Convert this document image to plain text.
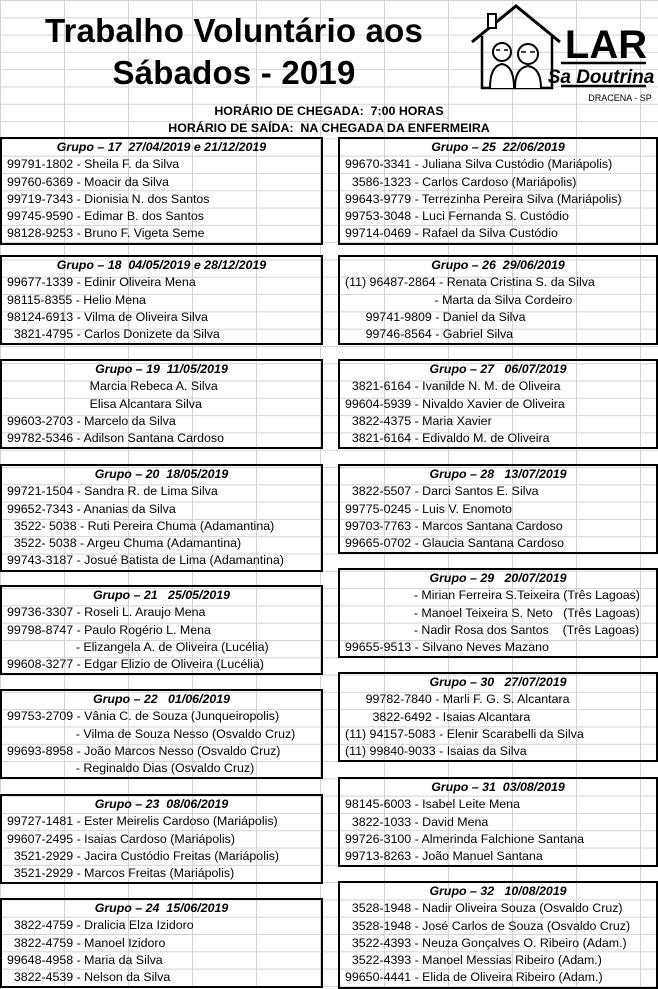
Trabalho Voluntário aos
Sábados - 2019
LAR
Sa Doutrina
DRACENA - SP
HORÁRIO DE CHEGADA:  7:00 HORAS
HORÁRIO DE SAÍDA:  NA CHEGADA DA ENFERMEIRA
Grupo – 17  27/04/2019 e 21/12/2019
99791-1802 - Sheila F. da Silva
99760-6369 - Moacir da Silva
99719-7343 - Dionisia N. dos Santos
99745-9590 - Edimar B. dos Santos
98128-9253 - Bruno F. Vigeta Seme
Grupo – 18  04/05/2019 e 28/12/2019
99677-1339 - Edinir Oliveira Mena
98115-8355 - Helio Mena
98124-6913 - Vilma de Oliveira Silva
3821-4795 - Carlos Donizete da Silva
Grupo – 19  11/05/2019
Marcia Rebeca A. Silva
Elisa Alcantara Silva
99603-2703 - Marcelo da Silva
99782-5346 - Adilson Santana Cardoso
Grupo – 20  18/05/2019
99721-1504 - Sandra R. de Lima Silva
99652-7343 - Ananias da Silva
3522- 5038 - Ruti Pereira Chuma (Adamantina)
3522- 5038 - Argeu Chuma (Adamantina)
99743-3187 - Josué Batista de Lima (Adamantina)
Grupo – 21   25/05/2019
99736-3307 - Roseli L. Araujo Mena
99798-8747 - Paulo Rogério L. Mena
- Elizangela A. de Oliveira (Lucélia)
99608-3277 - Edgar Elizio de Oliveira (Lucélia)
Grupo – 22   01/06/2019
99753-2709 - Vânia C. de Souza (Junqueiropolis)
- Vilma de Souza Nesso (Osvaldo Cruz)
99693-8958 - João Marcos Nesso (Osvaldo Cruz)
- Reginaldo Dias (Osvaldo Cruz)
Grupo – 23  08/06/2019
99727-1481 - Ester Meirelis Cardoso (Mariápolis)
99607-2495 - Isaias Cardoso (Mariápolis)
3521-2929 - Jacira Custódio Freitas (Mariápolis)
3521-2929 - Marcos Freitas (Mariápolis)
Grupo – 24  15/06/2019
3822-4759 - Dralicia Elza Izidoro
3822-4759 - Manoel Izidoro
99648-4958 - Maria da Silva
3822-4539 - Nelson da Silva
Grupo – 25  22/06/2019
99670-3341 - Juliana Silva Custódio (Mariápolis)
3586-1323 - Carlos Cardoso (Mariápolis)
99643-9779 - Terrezinha Pereira Silva (Mariápolis)
99753-3048 - Luci Fernanda S. Custódio
99714-0469 - Rafael da Silva Custódio
Grupo – 26  29/06/2019
(11) 96487-2864 - Renata Cristina S. da Silva
- Marta da Silva Cordeiro
99741-9809 - Daniel da Silva
99746-8564 - Gabriel Silva
Grupo – 27   06/07/2019
3821-6164 - Ivanilde N. M. de Oliveira
99604-5939 - Nivaldo Xavier de Oliveira
3822-4375 - Maria Xavier
3821-6164 - Edivaldo M. de Oliveira
Grupo – 28   13/07/2019
3822-5507 - Darci Santos E. Silva
99775-0245 - Luis V. Enomoto
99703-7763 - Marcos Santana Cardoso
99665-0702 - Glaucia Santana Cardoso
Grupo – 29   20/07/2019
- Mirian Ferreira S.Teixeira (Três Lagoas)
- Manoel Teixeira S. Neto   (Três Lagoas)
- Nadir Rosa dos Santos    (Três Lagoas)
99655-9513 - Silvano Neves Mazano
Grupo – 30   27/07/2019
99782-7840 - Marli F. G. S. Alcantara
3822-6492 - Isaias Alcantara
(11) 94157-5083 - Elenir Scarabelli da Silva
(11) 99840-9033 - Isaias da Silva
Grupo – 31  03/08/2019
98145-6003 - Isabel Leite Mena
3822-1033 - David Mena
99726-3100 - Almerinda Falchione Santana
99713-8263 - João Manuel Santana
Grupo – 32   10/08/2019
3528-1948 - Nadir Oliveira Souza (Osvaldo Cruz)
3528-1948 - José Carlos de Souza (Osvaldo Cruz)
3522-4393 - Neuza Gonçalves O. Ribeiro (Adam.)
3522-4393 - Manoel Messias Ribeiro (Adam.)
99650-4441 - Elida de Oliveira Ribeiro (Adam.)
